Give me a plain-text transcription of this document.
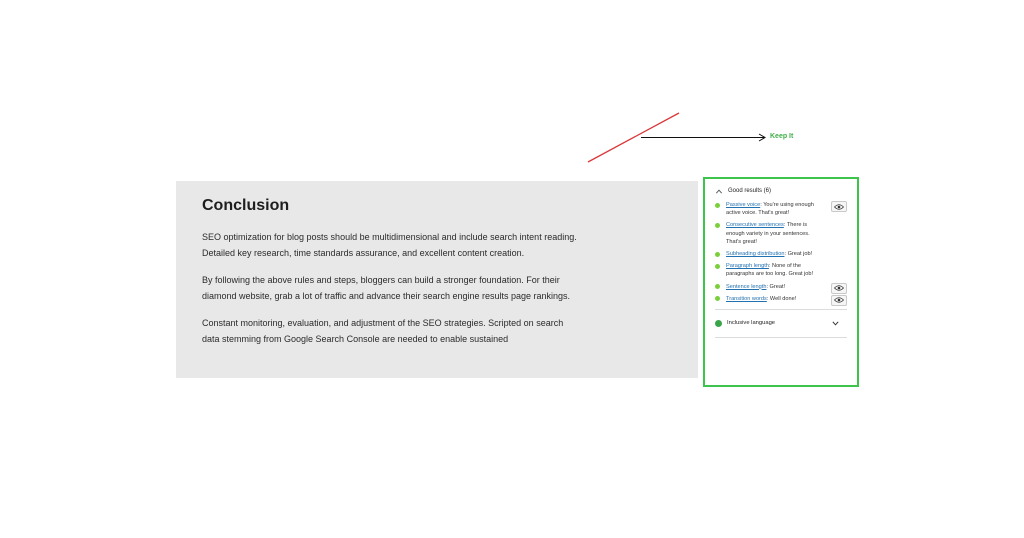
Keep It
Conclusion

SEO optimization for blog posts should be multidimensional and include search intent reading. Detailed key research, time standards assurance, and excellent content creation.

By following the above rules and steps, bloggers can build a stronger foundation. For their diamond website, grab a lot of traffic and advance their search engine results page rankings.

Constant monitoring, evaluation, and adjustment of the SEO strategies. Scripted on search data stemming from Google Search Console are needed to enable sustained

Good results (6)
Passive voice: You're using enough active voice. That's great!
Consecutive sentences: There is enough variety in your sentences. That's great!
Subheading distribution: Great job!
Paragraph length: None of the paragraphs are too long. Great job!
Sentence length: Great!
Transition words: Well done!
Inclusive language
